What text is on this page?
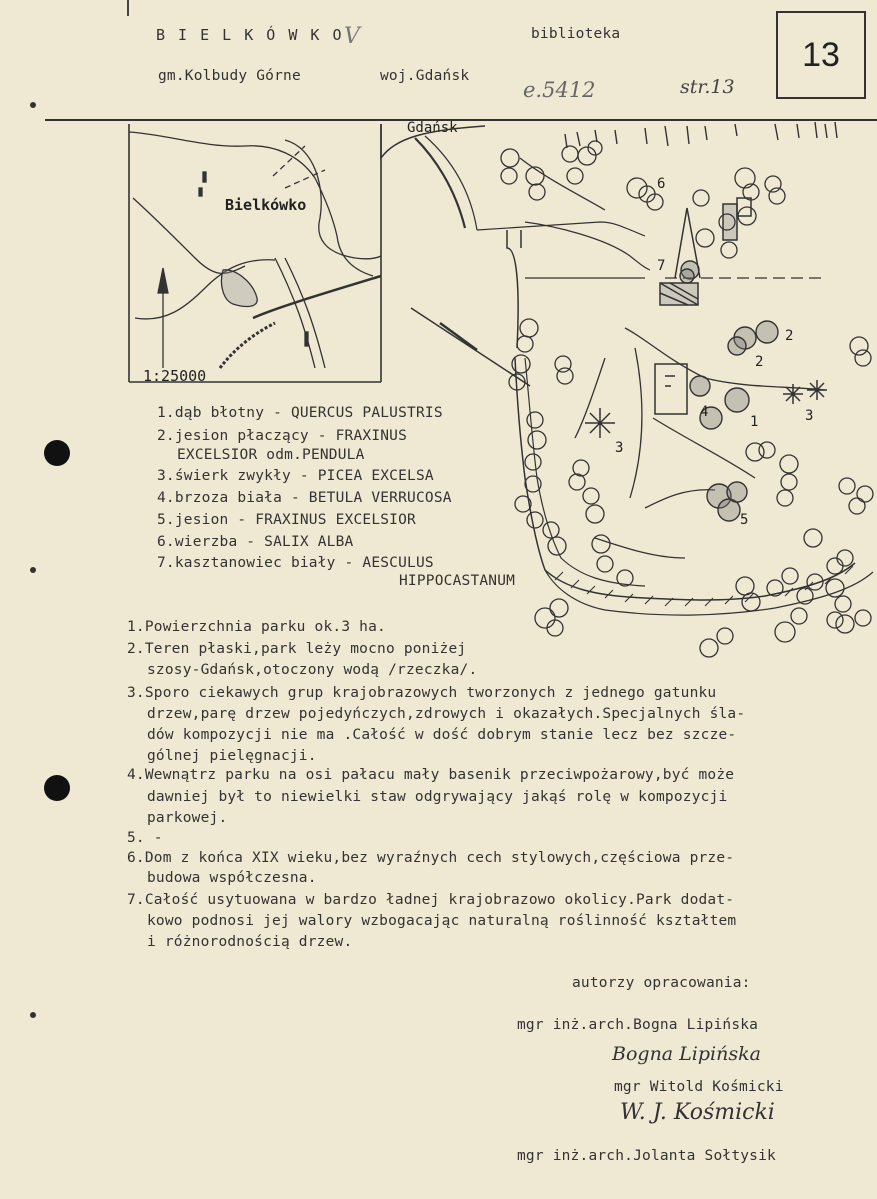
B I E L K Ó W K O V	biblioteka
gm.Kolbudy Górne	woj.Gdańsk
e.5412	str.13
13
Bielkówko
1:25000
Gdańsk
1
2
2
3
3
4
5
6
7
1.dąb błotny - QUERCUS PALUSTRIS
2.jesion płaczący - FRAXINUS
EXCELSIOR odm.PENDULA
3.świerk zwykły - PICEA EXCELSA
4.brzoza biała - BETULA VERRUCOSA
5.jesion - FRAXINUS EXCELSIOR
6.wierzba - SALIX ALBA
7.kasztanowiec biały - AESCULUS
HIPPOCASTANUM
1.Powierzchnia parku ok.3 ha.
2.Teren płaski,park leży mocno poniżej
szosy-Gdańsk,otoczony wodą /rzeczka/.
3.Sporo ciekawych grup krajobrazowych tworzonych z jednego gatunku
drzew,parę drzew pojedyńczych,zdrowych i okazałych.Specjalnych śla-
dów kompozycji nie ma .Całość w dość dobrym stanie lecz bez szcze-
gólnej pielęgnacji.
4.Wewnątrz parku na osi pałacu mały basenik przeciwpożarowy,być może
dawniej był to niewielki staw odgrywający jakąś rolę w kompozycji
parkowej.
5. -
6.Dom z końca XIX wieku,bez wyraźnych cech stylowych,częściowa prze-
budowa współczesna.
7.Całość usytuowana w bardzo ładnej krajobrazowo okolicy.Park dodat-
kowo podnosi jej walory wzbogacając naturalną roślinność kształtem
i różnorodnością drzew.
autorzy opracowania:
mgr inż.arch.Bogna Lipińska
Bogna Lipińska
mgr Witold Kośmicki
W. J. Kośmicki
mgr inż.arch.Jolanta Sołtysik
